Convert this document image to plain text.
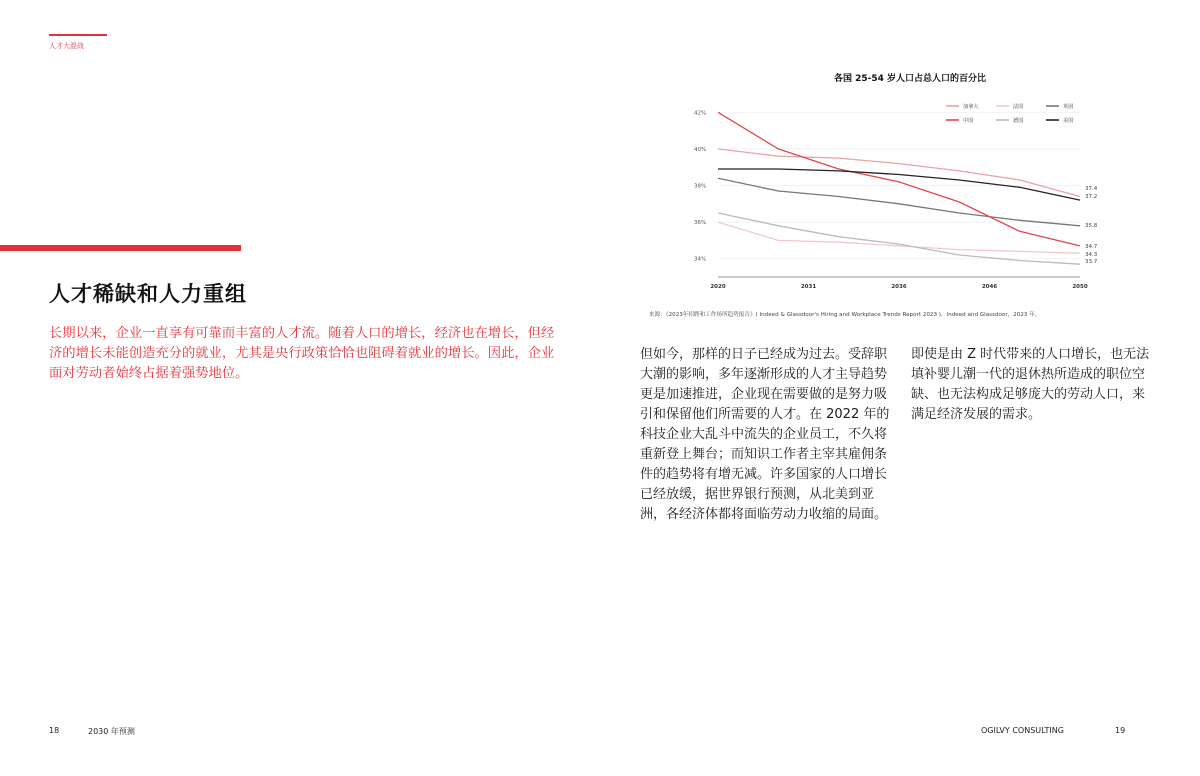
人才大混战
人才稀缺和人力重组
长期以来，企业一直享有可靠而丰富的人才流。随着人口的增长，经济也在增长，但经济的增长未能创造充分的就业，尤其是央行政策恰恰也阻碍着就业的增长。因此，企业面对劳动者始终占据着强势地位。
但如今，那样的日子已经成为过去。受辞职大潮的影响，多年逐渐形成的人才主导趋势更是加速推进，企业现在需要做的是努力吸引和保留他们所需要的人才。在 2022 年的科技企业大乱斗中流失的企业员工，不久将重新登上舞台；而知识工作者主宰其雇佣条件的趋势将有增无减。许多国家的人口增长已经放缓，据世界银行预测，从北美到亚洲，各经济体都将面临劳动力收缩的局面。
即使是由 Z 时代带来的人口增长，也无法填补婴儿潮一代的退休热所造成的职位空缺、也无法构成足够庞大的劳动人口，来满足经济发展的需求。
各国 25-54 岁人口占总人口的百分比
34%
36%
38%
40%
42%
2020	2031	2036	2046	2050
37.4
37.2
35.8
34.7
34.3
33.7
加拿大	法国	英国
中国	德国	美国
来源：《2023年招聘和工作场所趋势报告》( Indeed & Glassdoor's Hiring and Workplace Trends Report 2023 )，Indeed and Glassdoor，2023 年。
18	2030 年预测	OGILVY CONSULTING	19
